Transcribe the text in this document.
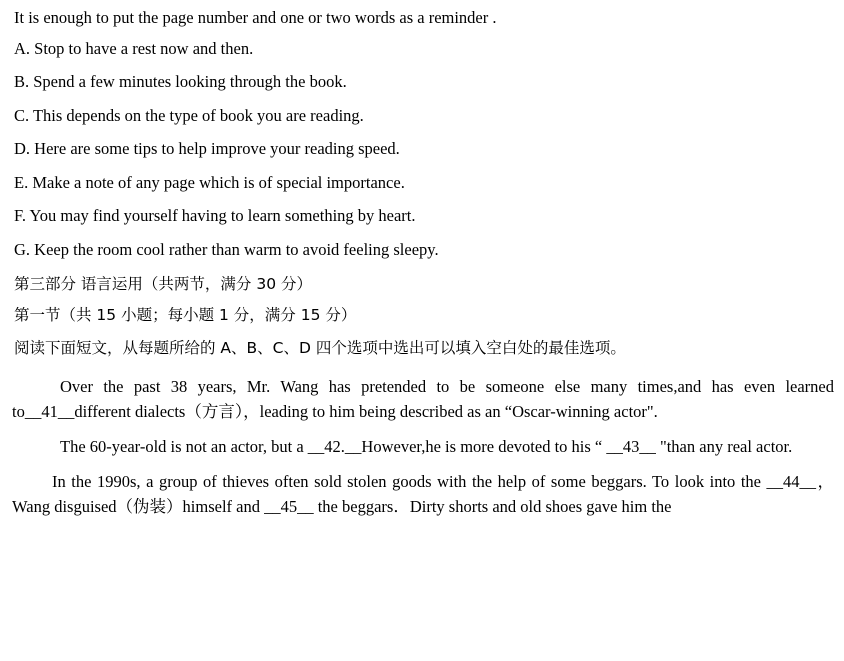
It is enough to put the page number and one or two words as a reminder .
A. Stop to have a rest now and then.
B. Spend a few minutes looking through the book.
C. This depends on the type of book you are reading.
D. Here are some tips to help improve your reading speed.
E. Make a note of any page which is of special importance.
F. You may find yourself having to learn something by heart.
G. Keep the room cool rather than warm to avoid feeling sleepy.
第三部分 语言运用（共两节，满分 30 分）
第一节（共 15 小题；每小题 1 分，满分 15 分）
阅读下面短文，从每题所给的 A、B、C、D 四个选项中选出可以填入空白处的最佳选项。

Over the past 38 years, Mr. Wang has pretended to be someone else many times,and has even learned to__41__different dialects（方言），leading to him being described as an “Oscar-winning actor".

The 60-year-old is not an actor, but a __42.__However,he is more devoted to his “ __43__ "than any real actor.

In the 1990s, a group of thieves often sold stolen goods with the help of some beggars. To look into the __44__，Wang disguised（伪装）himself and __45__ the beggars．Dirty shorts and old shoes gave him the
